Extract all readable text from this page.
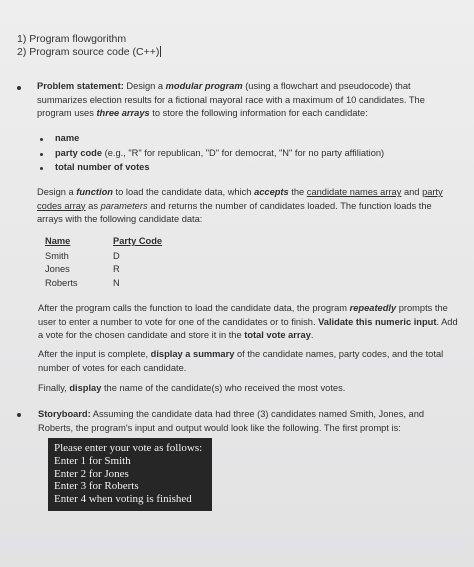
1) Program flowgorithm
2) Program source code (C++)
Problem statement: Design a modular program (using a flowchart and pseudocode) that summarizes election results for a fictional mayoral race with a maximum of 10 candidates. The program uses three arrays to store the following information for each candidate:
name
party code (e.g., "R" for republican, "D" for democrat, "N" for no party affiliation)
total number of votes
Design a function to load the candidate data, which accepts the candidate names array and party codes array as parameters and returns the number of candidates loaded. The function loads the arrays with the following candidate data:
Name	Party Code
Smith	D
Jones	R
Roberts	N
After the program calls the function to load the candidate data, the program repeatedly prompts the user to enter a number to vote for one of the candidates or to finish. Validate this numeric input. Add a vote for the chosen candidate and store it in the total vote array.
After the input is complete, display a summary of the candidate names, party codes, and the total number of votes for each candidate.
Finally, display the name of the candidate(s) who received the most votes.
Storyboard: Assuming the candidate data had three (3) candidates named Smith, Jones, and Roberts, the program's input and output would look like the following. The first prompt is:
Please enter your vote as follows:
Enter 1 for Smith
Enter 2 for Jones
Enter 3 for Roberts
Enter 4 when voting is finished
